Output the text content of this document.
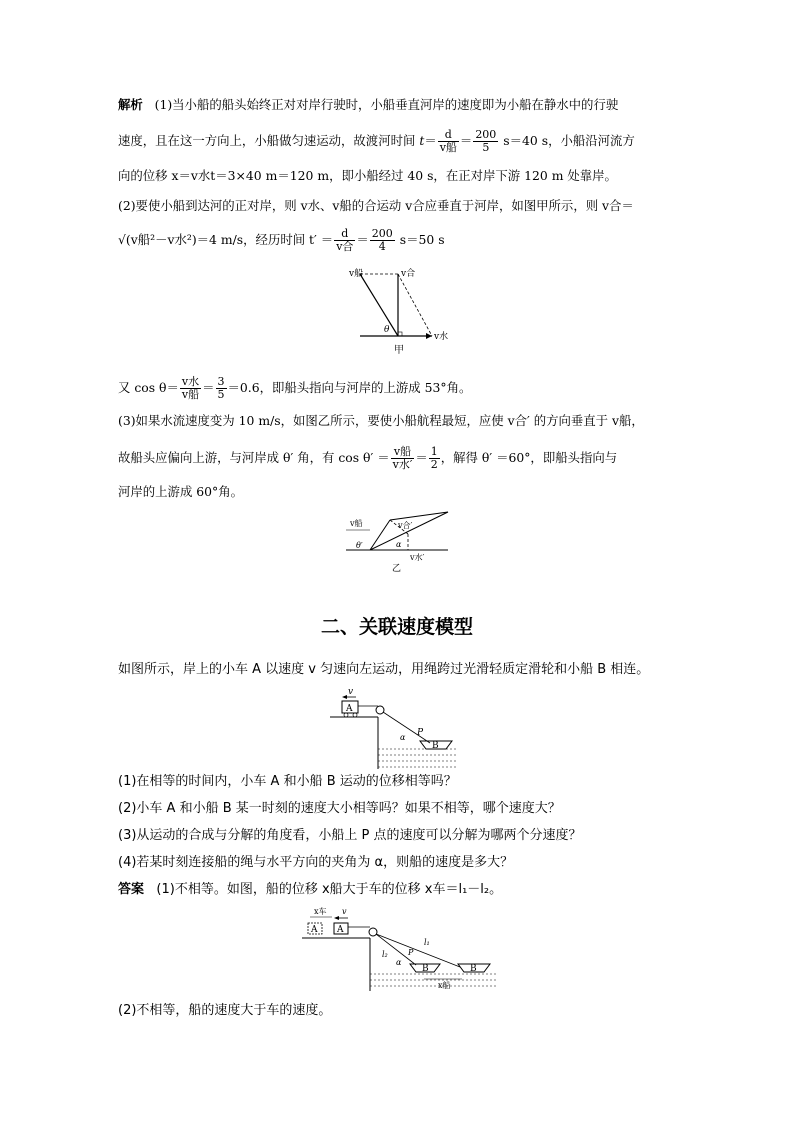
解析 (1)当小船的船头始终正对对岸行驶时，小船垂直河岸的速度即为小船在静水中的行驶
速度，且在这一方向上，小船做匀速运动，故渡河时间 $t= \frac{d}{\text{v船}} = \frac{200}{5} s=40$ s，小船沿河流方
向的位移 x＝v水t＝3×40 m＝120 m，即小船经过 40 s，在正对岸下游 120 m 处靠岸。
(2)要使小船到达河的正对岸，则 v水、v船的合运动 v合应垂直于河岸，如图甲所示，则 v合＝
√(v船²－v水²)＝4 m/s，经历时间 $t' = \frac{d}{\text{v合}} = \frac{200}{4} s=50$ s
v船	v合
θ
v水
甲
又 $\cos \theta= \frac{\text{v水}}{\text{v船}} = \frac{3}{5} =0.6$，即船头指向与河岸的上游成 53°角。
(3)如果水流速度变为 10 m/s，如图乙所示，要使小船航程最短，应使 v合′ 的方向垂直于 v船，
故船头应偏向上游，与河岸成 θ′ 角，有 $\cos \theta' = \frac{\text{v船}}{\text{v水′}} = \frac{1}{2}$ ，解得 θ′ ＝60°，即船头指向与
河岸的上游成 60°角。
v船	v合′
θ′	α
v水′
乙
二、关联速度模型
如图所示，岸上的小车 A 以速度 v 匀速向左运动，用绳跨过光滑轻质定滑轮和小船 B 相连。
v
A
P
α
B
(1)在相等的时间内，小车 A 和小船 B 运动的位移相等吗？
(2)小车 A 和小船 B 某一时刻的速度大小相等吗？如果不相等，哪个速度大？
(3)从运动的合成与分解的角度看，小船上 P 点的速度可以分解为哪两个分速度？
(4)若某时刻连接船的绳与水平方向的夹角为 α，则船的速度是多大？
答案 (1)不相等。如图，船的位移 x船大于车的位移 x车＝l₁－l₂。
x车 v
A A
l₁
l₂	P
α
B	B
x船
(2)不相等，船的速度大于车的速度。
